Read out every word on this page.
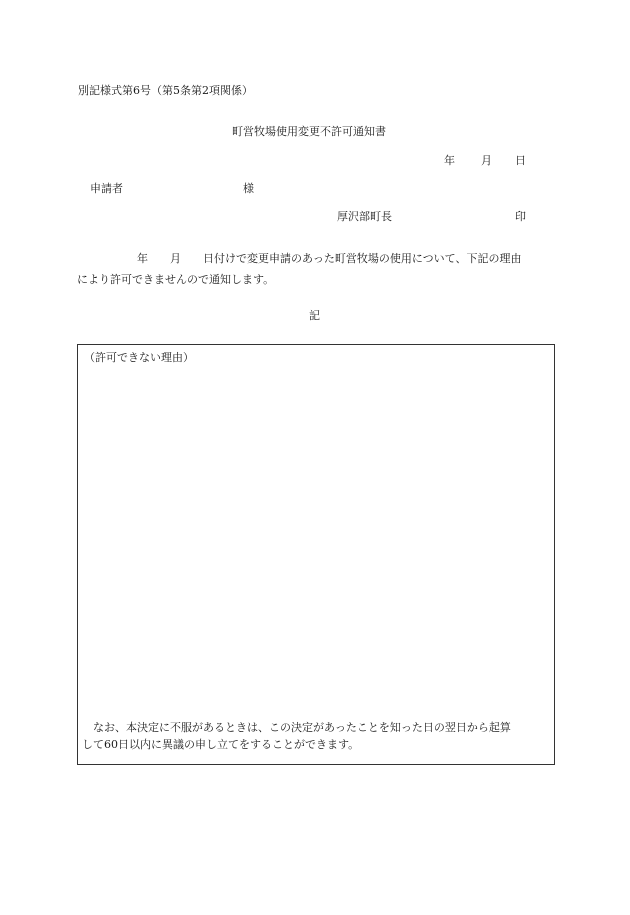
別記様式第6号（第5条第2項関係）
町営牧場使用変更不許可通知書
年 月 日
申請者	様
厚沢部町長	印
年 月 日付けで変更申請のあった町営牧場の使用について、下記の理由
により許可できませんので通知します。
記
（許可できない理由）
なお、本決定に不服があるときは、この決定があったことを知った日の翌日から起算
して60日以内に異議の申し立てをすることができます。
